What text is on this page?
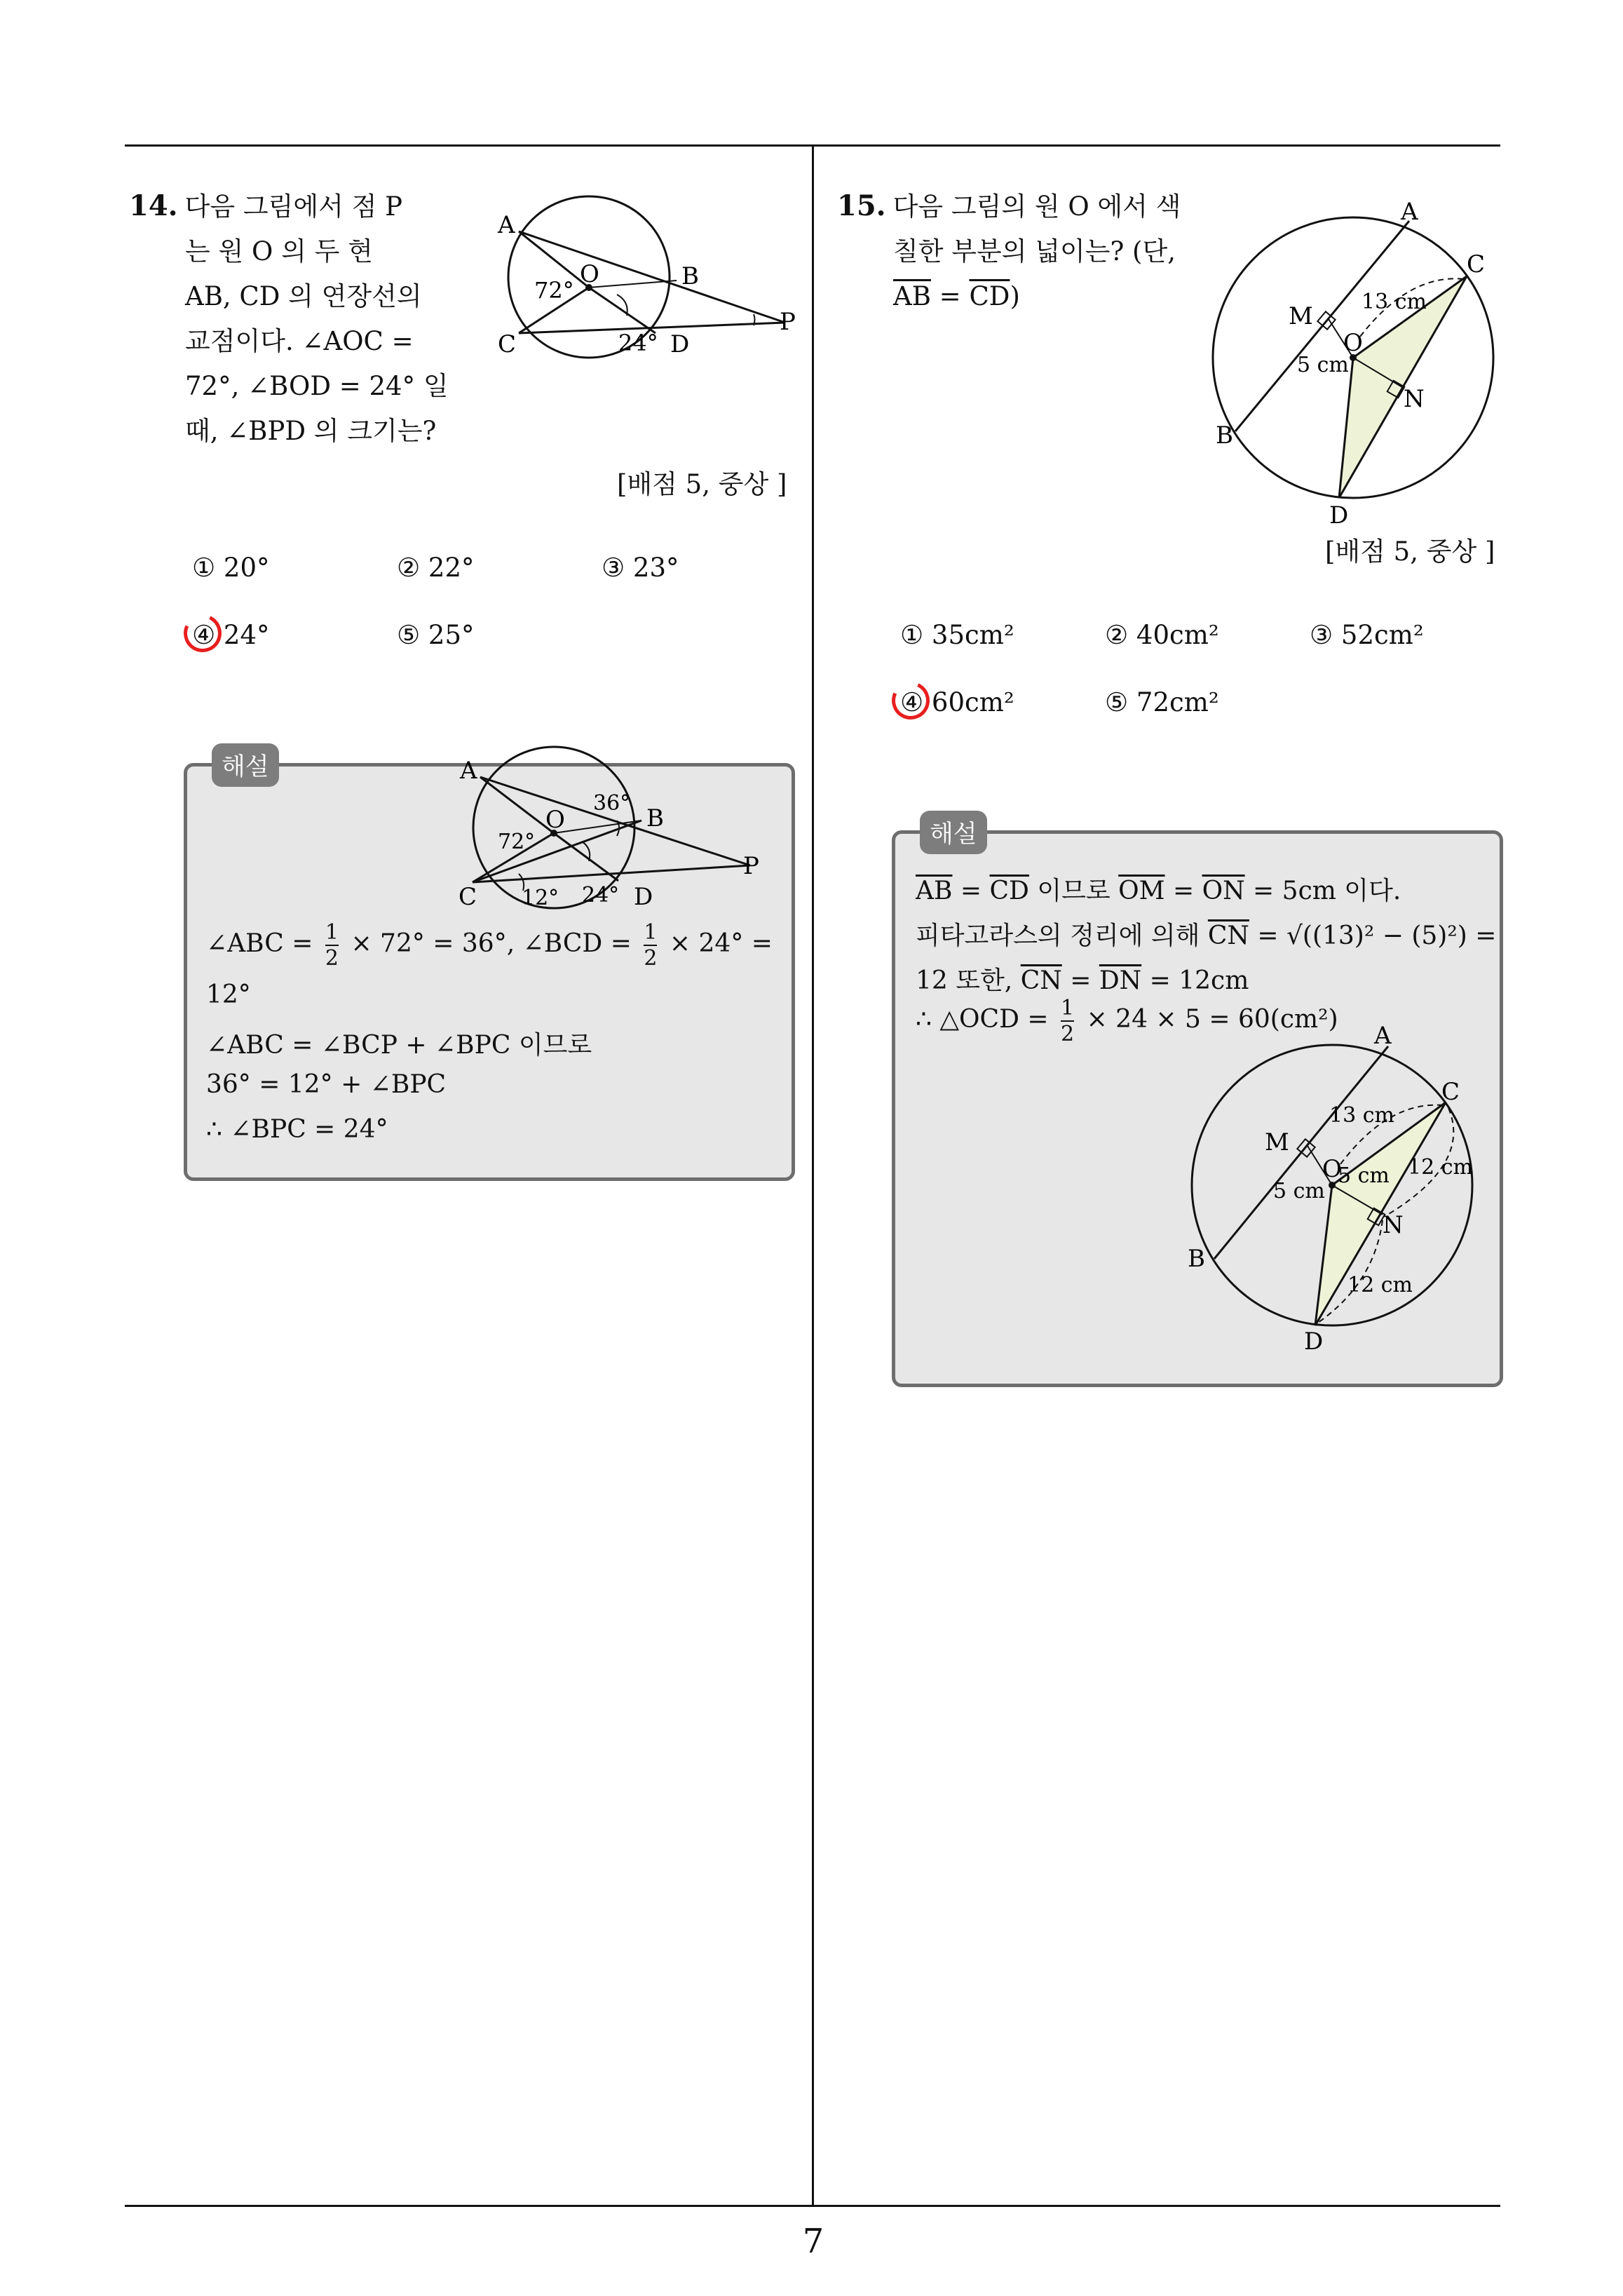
7
14. 다음 그림에서 점 P
는 원 O 의 두 현
AB, CD 의 연장선의
교점이다. ∠AOC =
72°, ∠BOD = 24° 일
때, ∠BPD 의 크기는?
A
O	B
C	D
P
72°
24°
[배점 5, 중상 ]
① 20°	② 22°	③ 23°
④ 24°	⑤ 25°
해설	A
O	B
C	D
P
72°
36°
12° 24°
∠ABC = $\frac{1}{2} \times 72^\circ = 36^\circ$, ∠BCD = $\frac{1}{2} \times 24^\circ$ =
12°
∠ABC = ∠BCP + ∠BPC 이므로
36° = 12° + ∠BPC
∴ ∠BPC = 24°
15. 다음 그림의 원 O 에서 색
칠한 부분의 넓이는? (단,
$\overline{AB} = \overline{CD}$)
A
C
M
O
N
B
D
13 cm
5 cm
[배점 5, 중상 ]
① 35cm²	② 40cm²	③ 52cm²
④ 60cm²	⑤ 72cm²
해설
$\overline{AB} = \overline{CD}$ 이므로 $\overline{OM} = \overline{ON} = 5cm$ 이다.
피타고라스의 정리에 의해 $\overline{CN} = √((13)^2 - (5)^2)$ =
12 또한, $\overline{CN} = \overline{DN} = 12cm$
∴ △OCD = $\frac{1}{2} \times 24 \times 5 = 60(cm^2)$
A
C
M
O
N
B
D
13 cm
5 cm
5 cm 12 cm
12 cm
